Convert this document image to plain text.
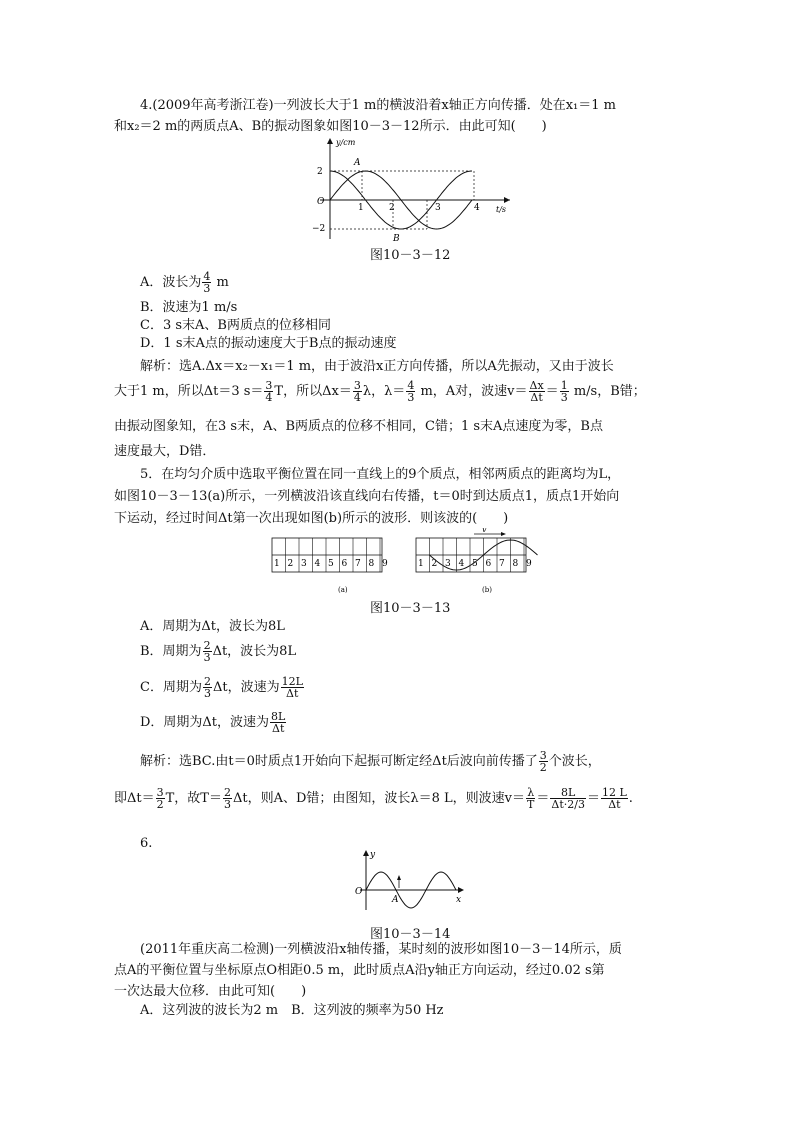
4.(2009年高考浙江卷)一列波长大于1 m的横波沿着x轴正方向传播．处在x₁＝1 m
和x₂＝2 m的两质点A、B的振动图象如图10－3－12所示．由此可知(　　)
y/cm
t/s
O
2
−2
1	2	3	4
A
B
图10－3－12
A．波长为 $\frac{4}{3}$ m
B．波速为1 m/s
C．3 s末A、B两质点的位移相同
D．1 s末A点的振动速度大于B点的振动速度
解析：选A.Δx＝x₂－x₁＝1 m，由于波沿x正方向传播，所以A先振动，又由于波长
大于1 m，所以Δt＝3 $s= \frac{3}{4}$ T，所以$\Delta x= \frac{3}{4}$ λ，$\lambda= \frac{4}{3}$ m，A对，波速$v= \frac{\Delta x}{\Delta t} = \frac{1}{3} m/s$，B错；
由振动图象知，在3 s末，A、B两质点的位移不相同，C错；1 s末A点速度为零，B点
速度最大，D错．
5．在均匀介质中选取平衡位置在同一直线上的9个质点，相邻两质点的距离均为L，
如图10－3－13(a)所示，一列横波沿该直线向右传播，t＝0时到达质点1，质点1开始向
下运动，经过时间Δt第一次出现如图(b)所示的波形．则该波的(　　)
1 2 3 4 5 6 7 8 9	1 2 3 4 5 6 7 8 9
v
(a)	(b)
图10－3－13
A．周期为Δt，波长为8L
B．周期为 $\frac{2}{3}$ Δt，波长为8L
C．周期为 $\frac{2}{3}$ Δt，波速为 $\frac{12L}{\Delta t}$
D．周期为Δt，波速为 $\frac{8L}{\Delta t}$
解析：选BC.由t＝0时质点1开始向下起振可断定经Δt后波向前传播了 $\frac{3}{2}$ 个波长，
即$\Delta t= \frac{3}{2}$ T，故$T= \frac{2}{3}$ Δt，则A、D错；由图知，波长λ＝8 L，则波速$v= \frac{\lambda}{T} = \frac{8L}{\Delta t\cdot 2/3} = \frac{12 L}{\Delta t}$ .
6.
y
x
O
A
图10－3－14
(2011年重庆高二检测)一列横波沿x轴传播，某时刻的波形如图10－3－14所示，质
点A的平衡位置与坐标原点O相距0.5 m，此时质点A沿y轴正方向运动，经过0.02 s第
一次达最大位移．由此可知(　　)
A．这列波的波长为2 m　B．这列波的频率为50 Hz
